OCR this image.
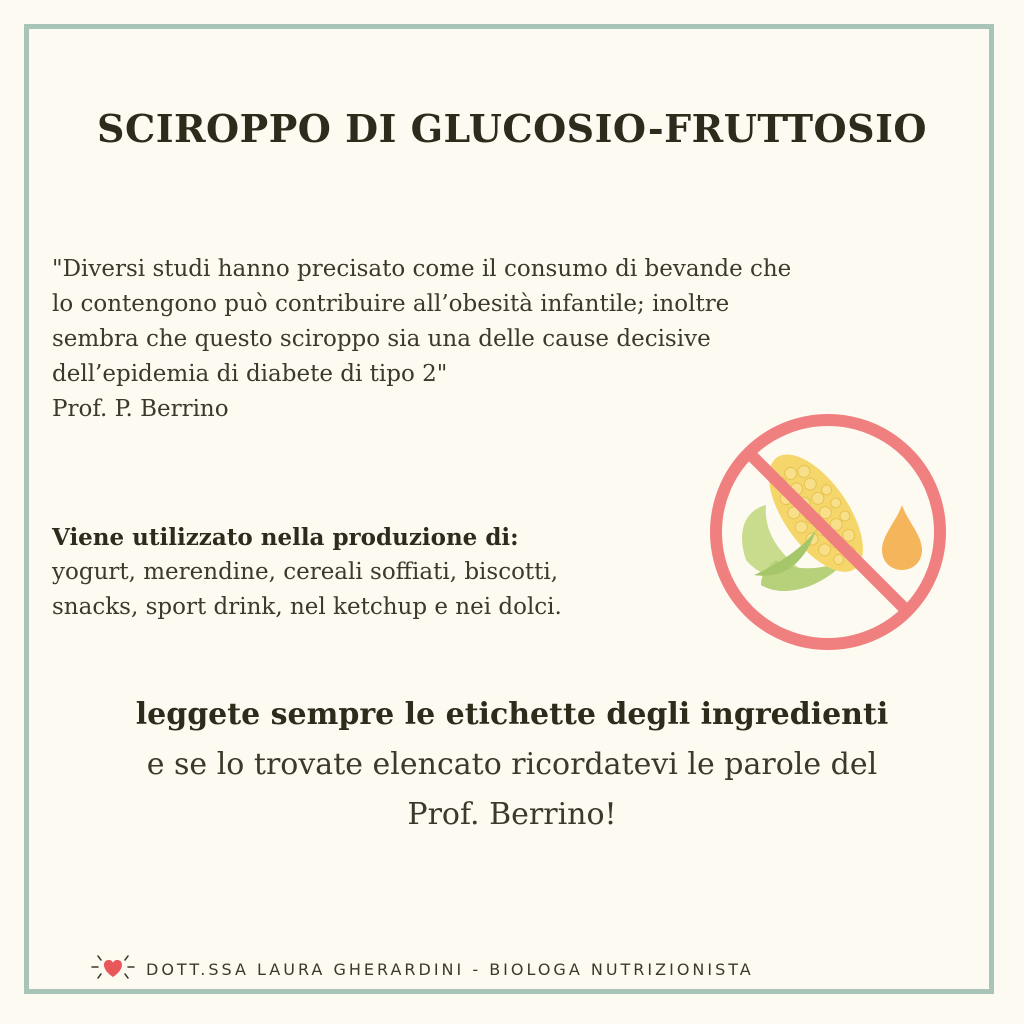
SCIROPPO DI GLUCOSIO-FRUTTOSIO
"Diversi studi hanno precisato come il consumo di bevande che
lo contengono può contribuire all’obesità infantile; inoltre
sembra che questo sciroppo sia una delle cause decisive
dell’epidemia di diabete di tipo 2"
Prof. P. Berrino
Viene utilizzato nella produzione di:
yogurt, merendine, cereali soffiati, biscotti,
snacks, sport drink, nel ketchup e nei dolci.
leggete sempre le etichette degli ingredienti
e se lo trovate elencato ricordatevi le parole del
Prof. Berrino!
DOTT.SSA LAURA GHERARDINI - BIOLOGA NUTRIZIONISTA
